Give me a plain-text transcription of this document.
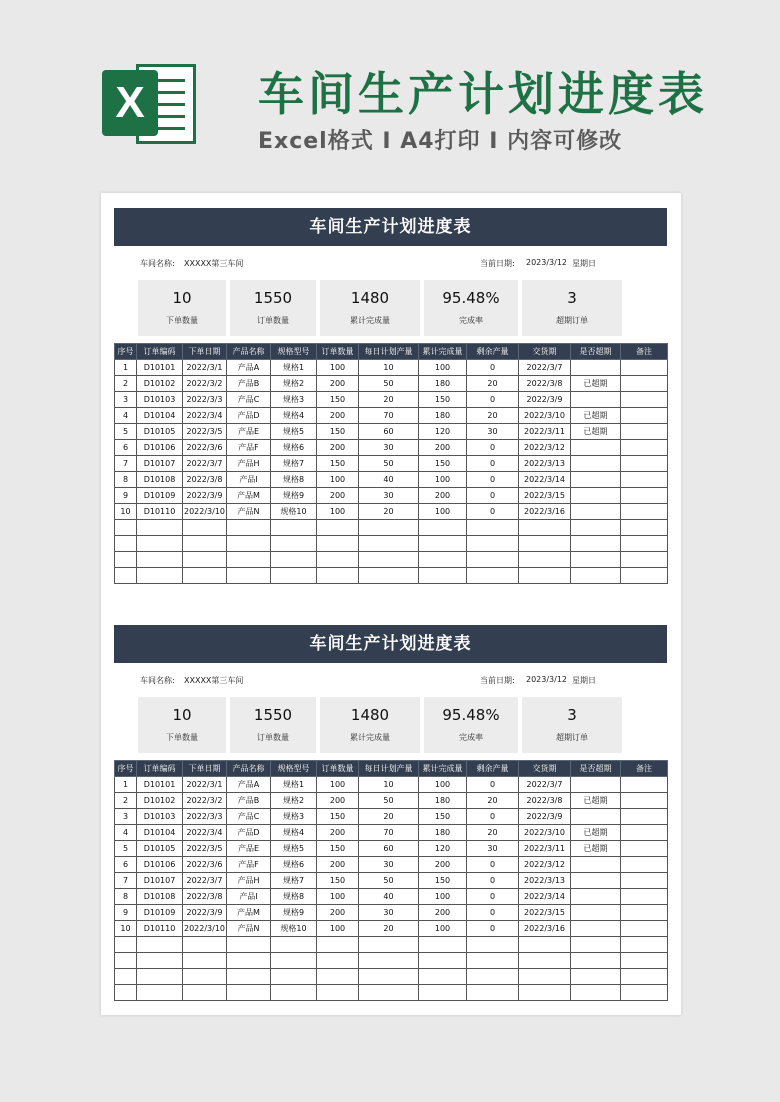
X 车间生产计划进度表
Excel格式 I A4打印 I 内容可修改
车间生产计划进度表
车间名称: XXXXX第三车间	当前日期: 2023/3/12 星期日
10
下单数量
1550
订单数量
1480
累计完成量
95.48%
完成率
3
超期订单
序号	订单编码	下单日期	产品名称	规格型号	订单数量	每日计划产量	累计完成量	剩余产量	交货期	是否超期	备注
1	D10101	2022/3/1	产品A	规格1	100	10	100	0	2022/3/7		
2	D10102	2022/3/2	产品B	规格2	200	50	180	20	2022/3/8	已超期	
3	D10103	2022/3/3	产品C	规格3	150	20	150	0	2022/3/9		
4	D10104	2022/3/4	产品D	规格4	200	70	180	20	2022/3/10	已超期	
5	D10105	2022/3/5	产品E	规格5	150	60	120	30	2022/3/11	已超期	
6	D10106	2022/3/6	产品F	规格6	200	30	200	0	2022/3/12		
7	D10107	2022/3/7	产品H	规格7	150	50	150	0	2022/3/13		
8	D10108	2022/3/8	产品I	规格8	100	40	100	0	2022/3/14		
9	D10109	2022/3/9	产品M	规格9	200	30	200	0	2022/3/15		
10	D10110	2022/3/10	产品N	规格10	100	20	100	0	2022/3/16		

车间生产计划进度表
车间名称: XXXXX第三车间	当前日期: 2023/3/12 星期日
10
下单数量
1550
订单数量
1480
累计完成量
95.48%
完成率
3
超期订单
序号	订单编码	下单日期	产品名称	规格型号	订单数量	每日计划产量	累计完成量	剩余产量	交货期	是否超期	备注
1	D10101	2022/3/1	产品A	规格1	100	10	100	0	2022/3/7		
2	D10102	2022/3/2	产品B	规格2	200	50	180	20	2022/3/8	已超期	
3	D10103	2022/3/3	产品C	规格3	150	20	150	0	2022/3/9		
4	D10104	2022/3/4	产品D	规格4	200	70	180	20	2022/3/10	已超期	
5	D10105	2022/3/5	产品E	规格5	150	60	120	30	2022/3/11	已超期	
6	D10106	2022/3/6	产品F	规格6	200	30	200	0	2022/3/12		
7	D10107	2022/3/7	产品H	规格7	150	50	150	0	2022/3/13		
8	D10108	2022/3/8	产品I	规格8	100	40	100	0	2022/3/14		
9	D10109	2022/3/9	产品M	规格9	200	30	200	0	2022/3/15		
10	D10110	2022/3/10	产品N	规格10	100	20	100	0	2022/3/16		
